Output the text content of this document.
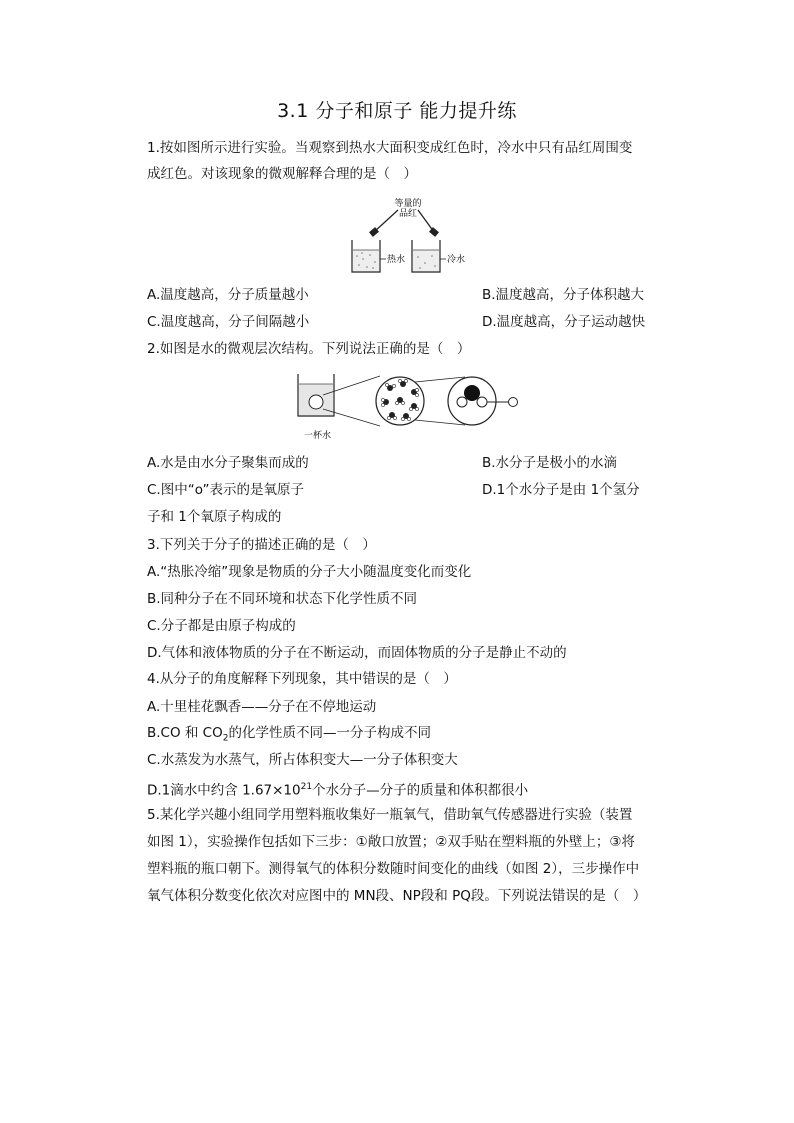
3.1 分子和原子 能力提升练
1.按如图所示进行实验。当观察到热水大面积变成红色时，冷水中只有品红周围变
成红色。对该现象的微观解释合理的是（　）
等量的
品红
热水	冷水
A.温度越高，分子质量越小	B.温度越高，分子体积越大
C.温度越高，分子间隔越小	D.温度越高，分子运动越快
2.如图是水的微观层次结构。下列说法正确的是（　）
一杯水
A.水是由水分子聚集而成的	B.水分子是极小的水滴
C.图中“o”表示的是氧原子	D.1个水分子是由 1个氢分
子和 1个氧原子构成的
3.下列关于分子的描述正确的是（　）
A.“热胀冷缩”现象是物质的分子大小随温度变化而变化
B.同种分子在不同环境和状态下化学性质不同
C.分子都是由原子构成的
D.气体和液体物质的分子在不断运动，而固体物质的分子是静止不动的
4.从分子的角度解释下列现象，其中错误的是（　）
A.十里桂花飘香——分子在不停地运动
B.CO 和 $CO_2$的化学性质不同—一分子构成不同
C.水蒸发为水蒸气，所占体积变大—一分子体积变大
D.1滴水中约含 $1.67\times 10^{21}$个水分子—分子的质量和体积都很小
5.某化学兴趣小组同学用塑料瓶收集好一瓶氧气，借助氧气传感器进行实验（装置
如图 1），实验操作包括如下三步：①敞口放置；②双手贴在塑料瓶的外壁上；③将
塑料瓶的瓶口朝下。测得氧气的体积分数随时间变化的曲线（如图 2），三步操作中
氧气体积分数变化依次对应图中的 MN段、NP段和 PQ段。下列说法错误的是（　）
